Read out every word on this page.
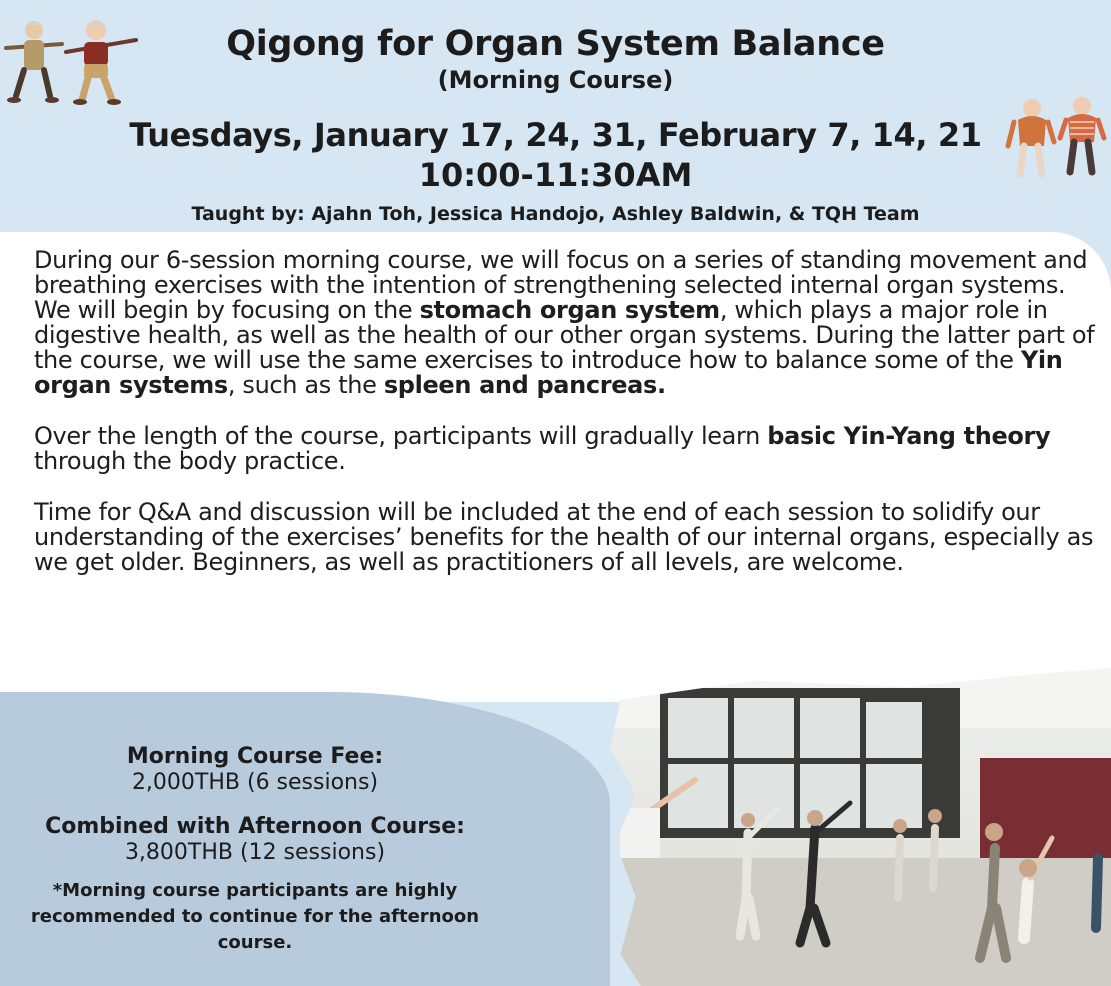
Qigong for Organ System Balance
(Morning Course)
Tuesdays, January 17, 24, 31, February 7, 14, 21
10:00-11:30AM
Taught by: Ajahn Toh, Jessica Handojo, Ashley Baldwin, & TQH Team

During our 6-session morning course, we will focus on a series of standing movement and breathing exercises with the intention of strengthening selected internal organ systems. We will begin by focusing on the stomach organ system, which plays a major role in digestive health, as well as the health of our other organ systems. During the latter part of the course, we will use the same exercises to introduce how to balance some of the Yin organ systems, such as the spleen and pancreas.

Over the length of the course, participants will gradually learn basic Yin-Yang theory through the body practice.

Time for Q&A and discussion will be included at the end of each session to solidify our understanding of the exercises’ benefits for the health of our internal organs, especially as we get older. Beginners, as well as practitioners of all levels, are welcome.

Morning Course Fee:
2,000THB (6 sessions)
Combined with Afternoon Course:
3,800THB (12 sessions)
*Morning course participants are highly recommended to continue for the afternoon course.
